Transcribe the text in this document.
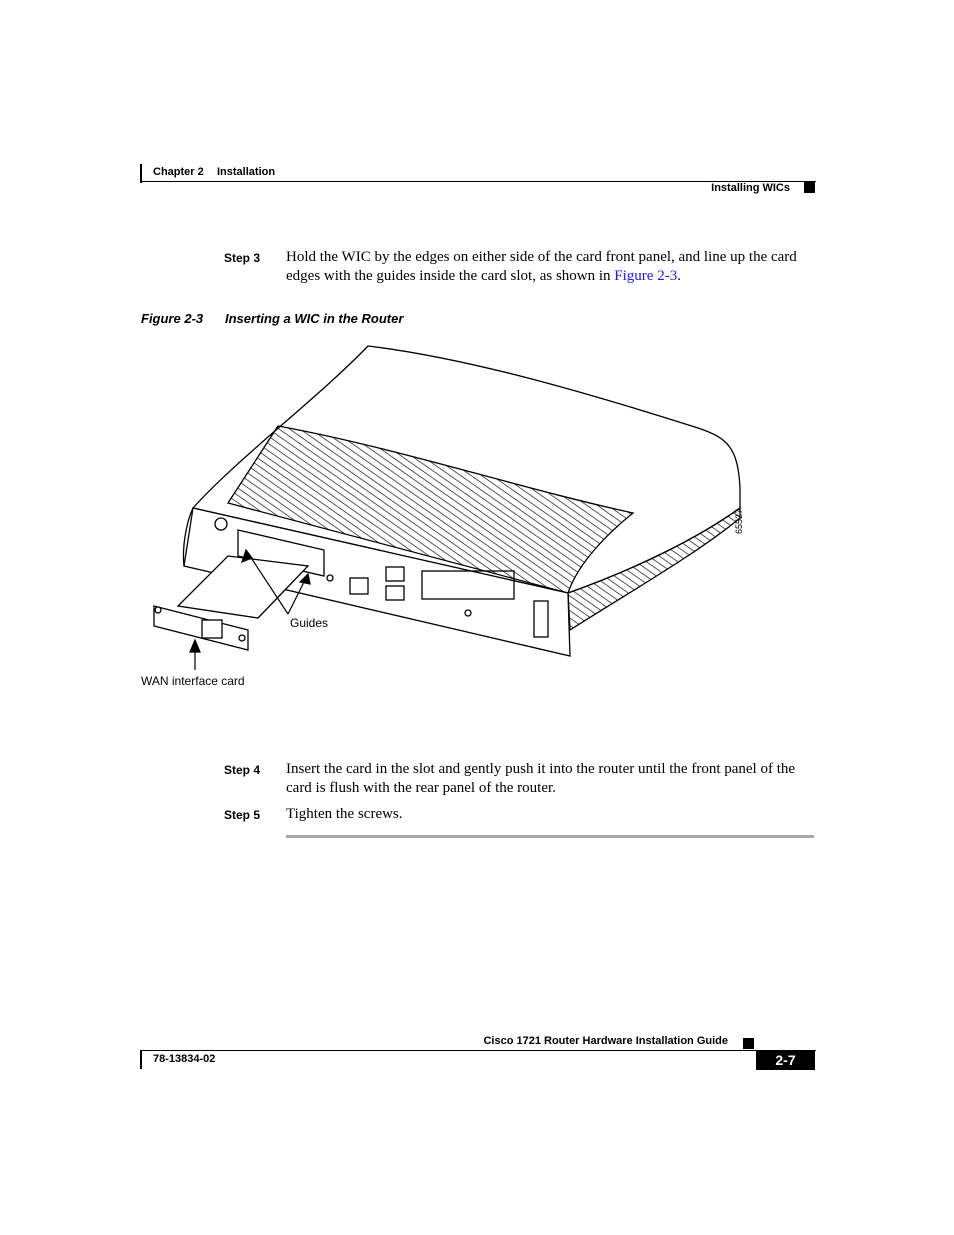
Chapter 2 Installation
Installing WICs
Step 3 Hold the WIC by the edges on either side of the card front panel, and line up the card edges with the guides inside the card slot, as shown in Figure 2-3.
Figure 2-3 Inserting a WIC in the Router
Guides
WAN interface card
65527
Step 4 Insert the card in the slot and gently push it into the router until the front panel of the card is flush with the rear panel of the router.
Step 5 Tighten the screws.
Cisco 1721 Router Hardware Installation Guide
78-13834-02	2-7
